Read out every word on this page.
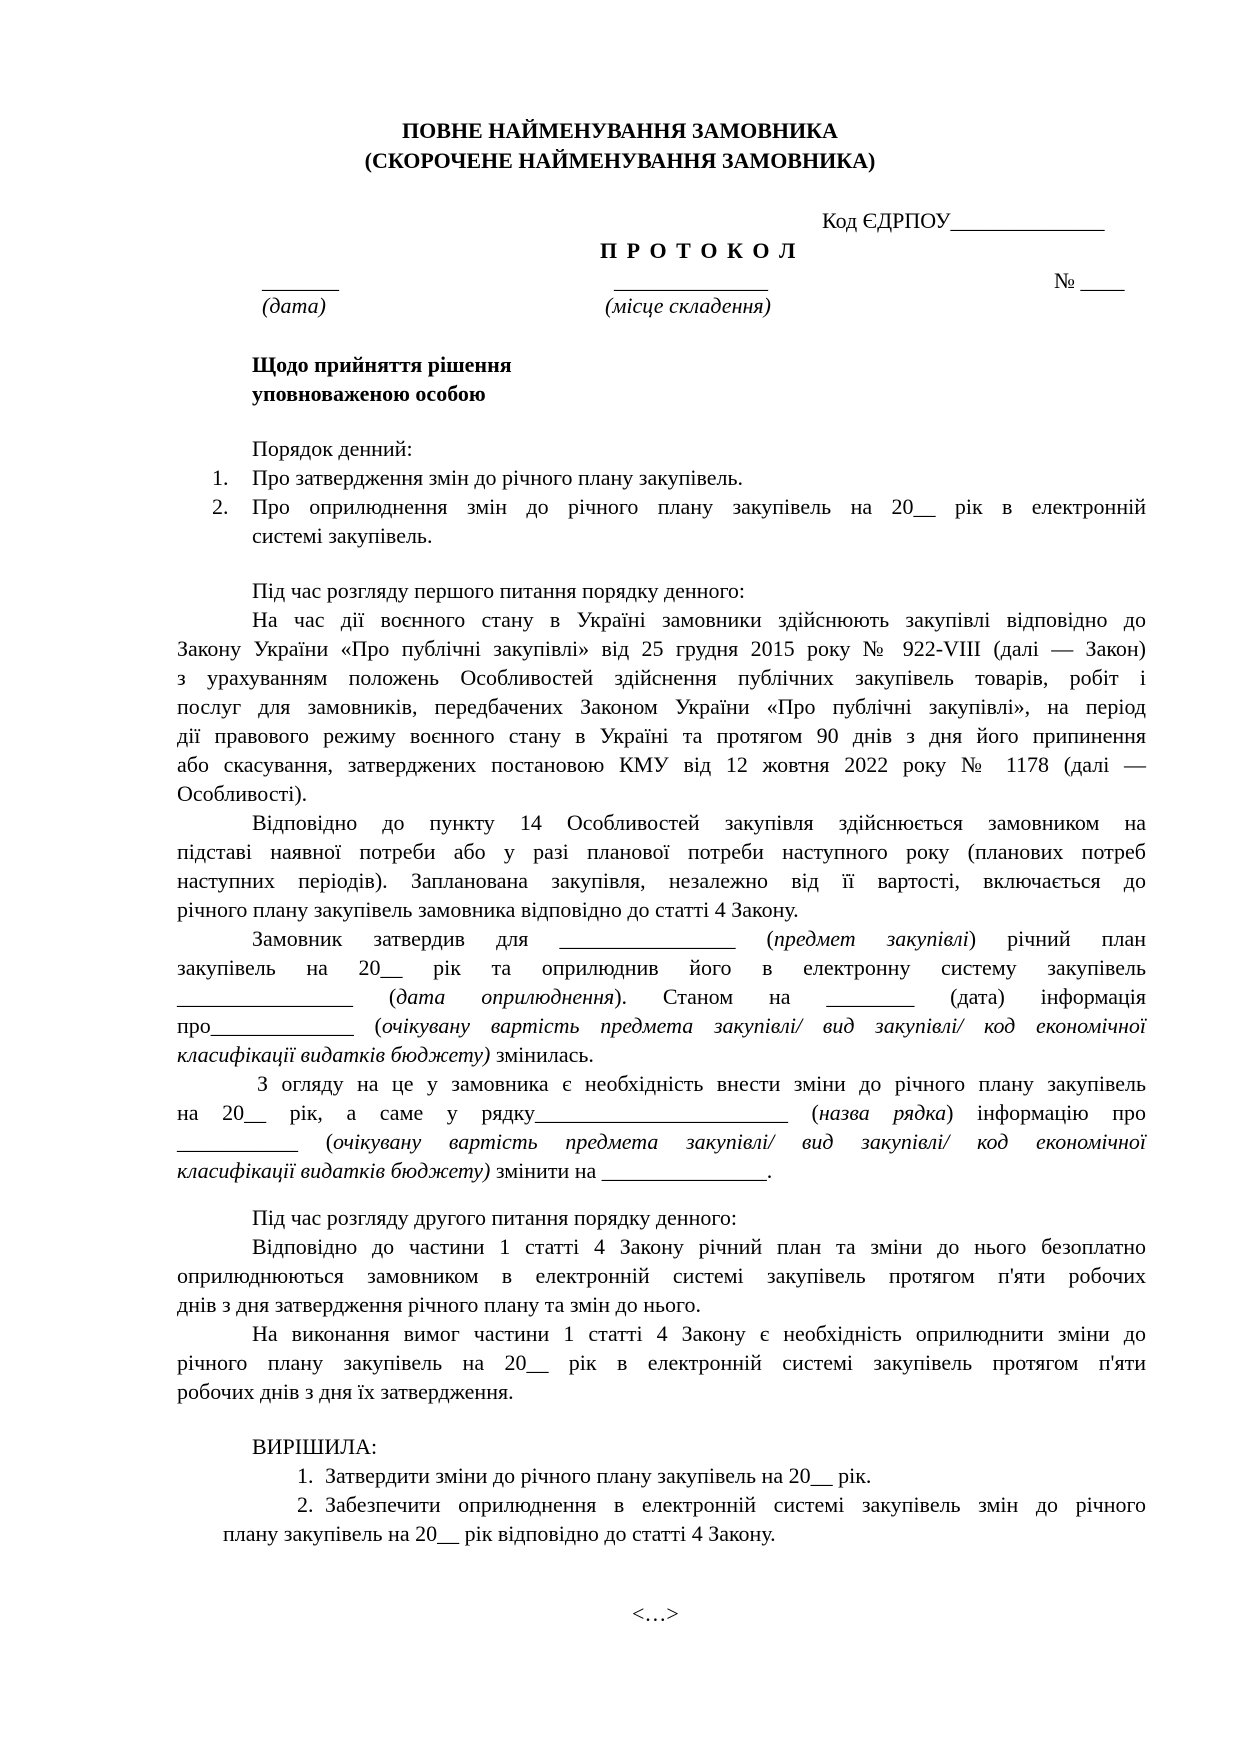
ПОВНЕ НАЙМЕНУВАННЯ ЗАМОВНИКА
(СКОРОЧЕНЕ НАЙМЕНУВАННЯ ЗАМОВНИКА)
Код ЄДРПОУ______________
П Р О Т О К О Л
_______
(дата)
______________
(місце складення)
№ ____
Щодо прийняття рішення
уповноваженою особою
Порядок денний:
1. Про затвердження змін до річного плану закупівель.
2. Про оприлюднення змін до річного плану закупівель на 20__ рік в електронній
системі закупівель.
Під час розгляду першого питання порядку денного:
На час дії воєнного стану в Україні замовники здійснюють закупівлі відповідно до
Закону України «Про публічні закупівлі» від 25 грудня 2015 року № 922-VIII (далі — Закон)
з урахуванням положень Особливостей здійснення публічних закупівель товарів, робіт і
послуг для замовників, передбачених Законом України «Про публічні закупівлі», на період
дії правового режиму воєнного стану в Україні та протягом 90 днів з дня його припинення
або скасування, затверджених постановою КМУ від 12 жовтня 2022 року № 1178 (далі —
Особливості).
Відповідно до пункту 14 Особливостей закупівля здійснюється замовником на
підставі наявної потреби або у разі планової потреби наступного року (планових потреб
наступних періодів). Запланована закупівля, незалежно від її вартості, включається до
річного плану закупівель замовника відповідно до статті 4 Закону.
Замовник затвердив для ________________ (предмет закупівлі) річний план
закупівель на 20__ рік та оприлюднив його в електронну систему закупівель
________________ (дата оприлюднення). Станом на ________ (дата) інформація
про_____________ (очікувану вартість предмета закупівлі/ вид закупівлі/ код економічної
класифікації видатків бюджету) змінилась.
З огляду на це у замовника є необхідність внести зміни до річного плану закупівель
на 20__ рік, а саме у рядку_______________________ (назва рядка) інформацію про
___________ (очікувану вартість предмета закупівлі/ вид закупівлі/ код економічної
класифікації видатків бюджету) змінити на _______________.
Під час розгляду другого питання порядку денного:
Відповідно до частини 1 статті 4 Закону річний план та зміни до нього безоплатно
оприлюднюються замовником в електронній системі закупівель протягом п'яти робочих
днів з дня затвердження річного плану та змін до нього.
На виконання вимог частини 1 статті 4 Закону є необхідність оприлюднити зміни до
річного плану закупівель на 20__ рік в електронній системі закупівель протягом п'яти
робочих днів з дня їх затвердження.
ВИРІШИЛА:
1. Затвердити зміни до річного плану закупівель на 20__ рік.
2. Забезпечити оприлюднення в електронній системі закупівель змін до річного
плану закупівель на 20__ рік відповідно до статті 4 Закону.
<…>
